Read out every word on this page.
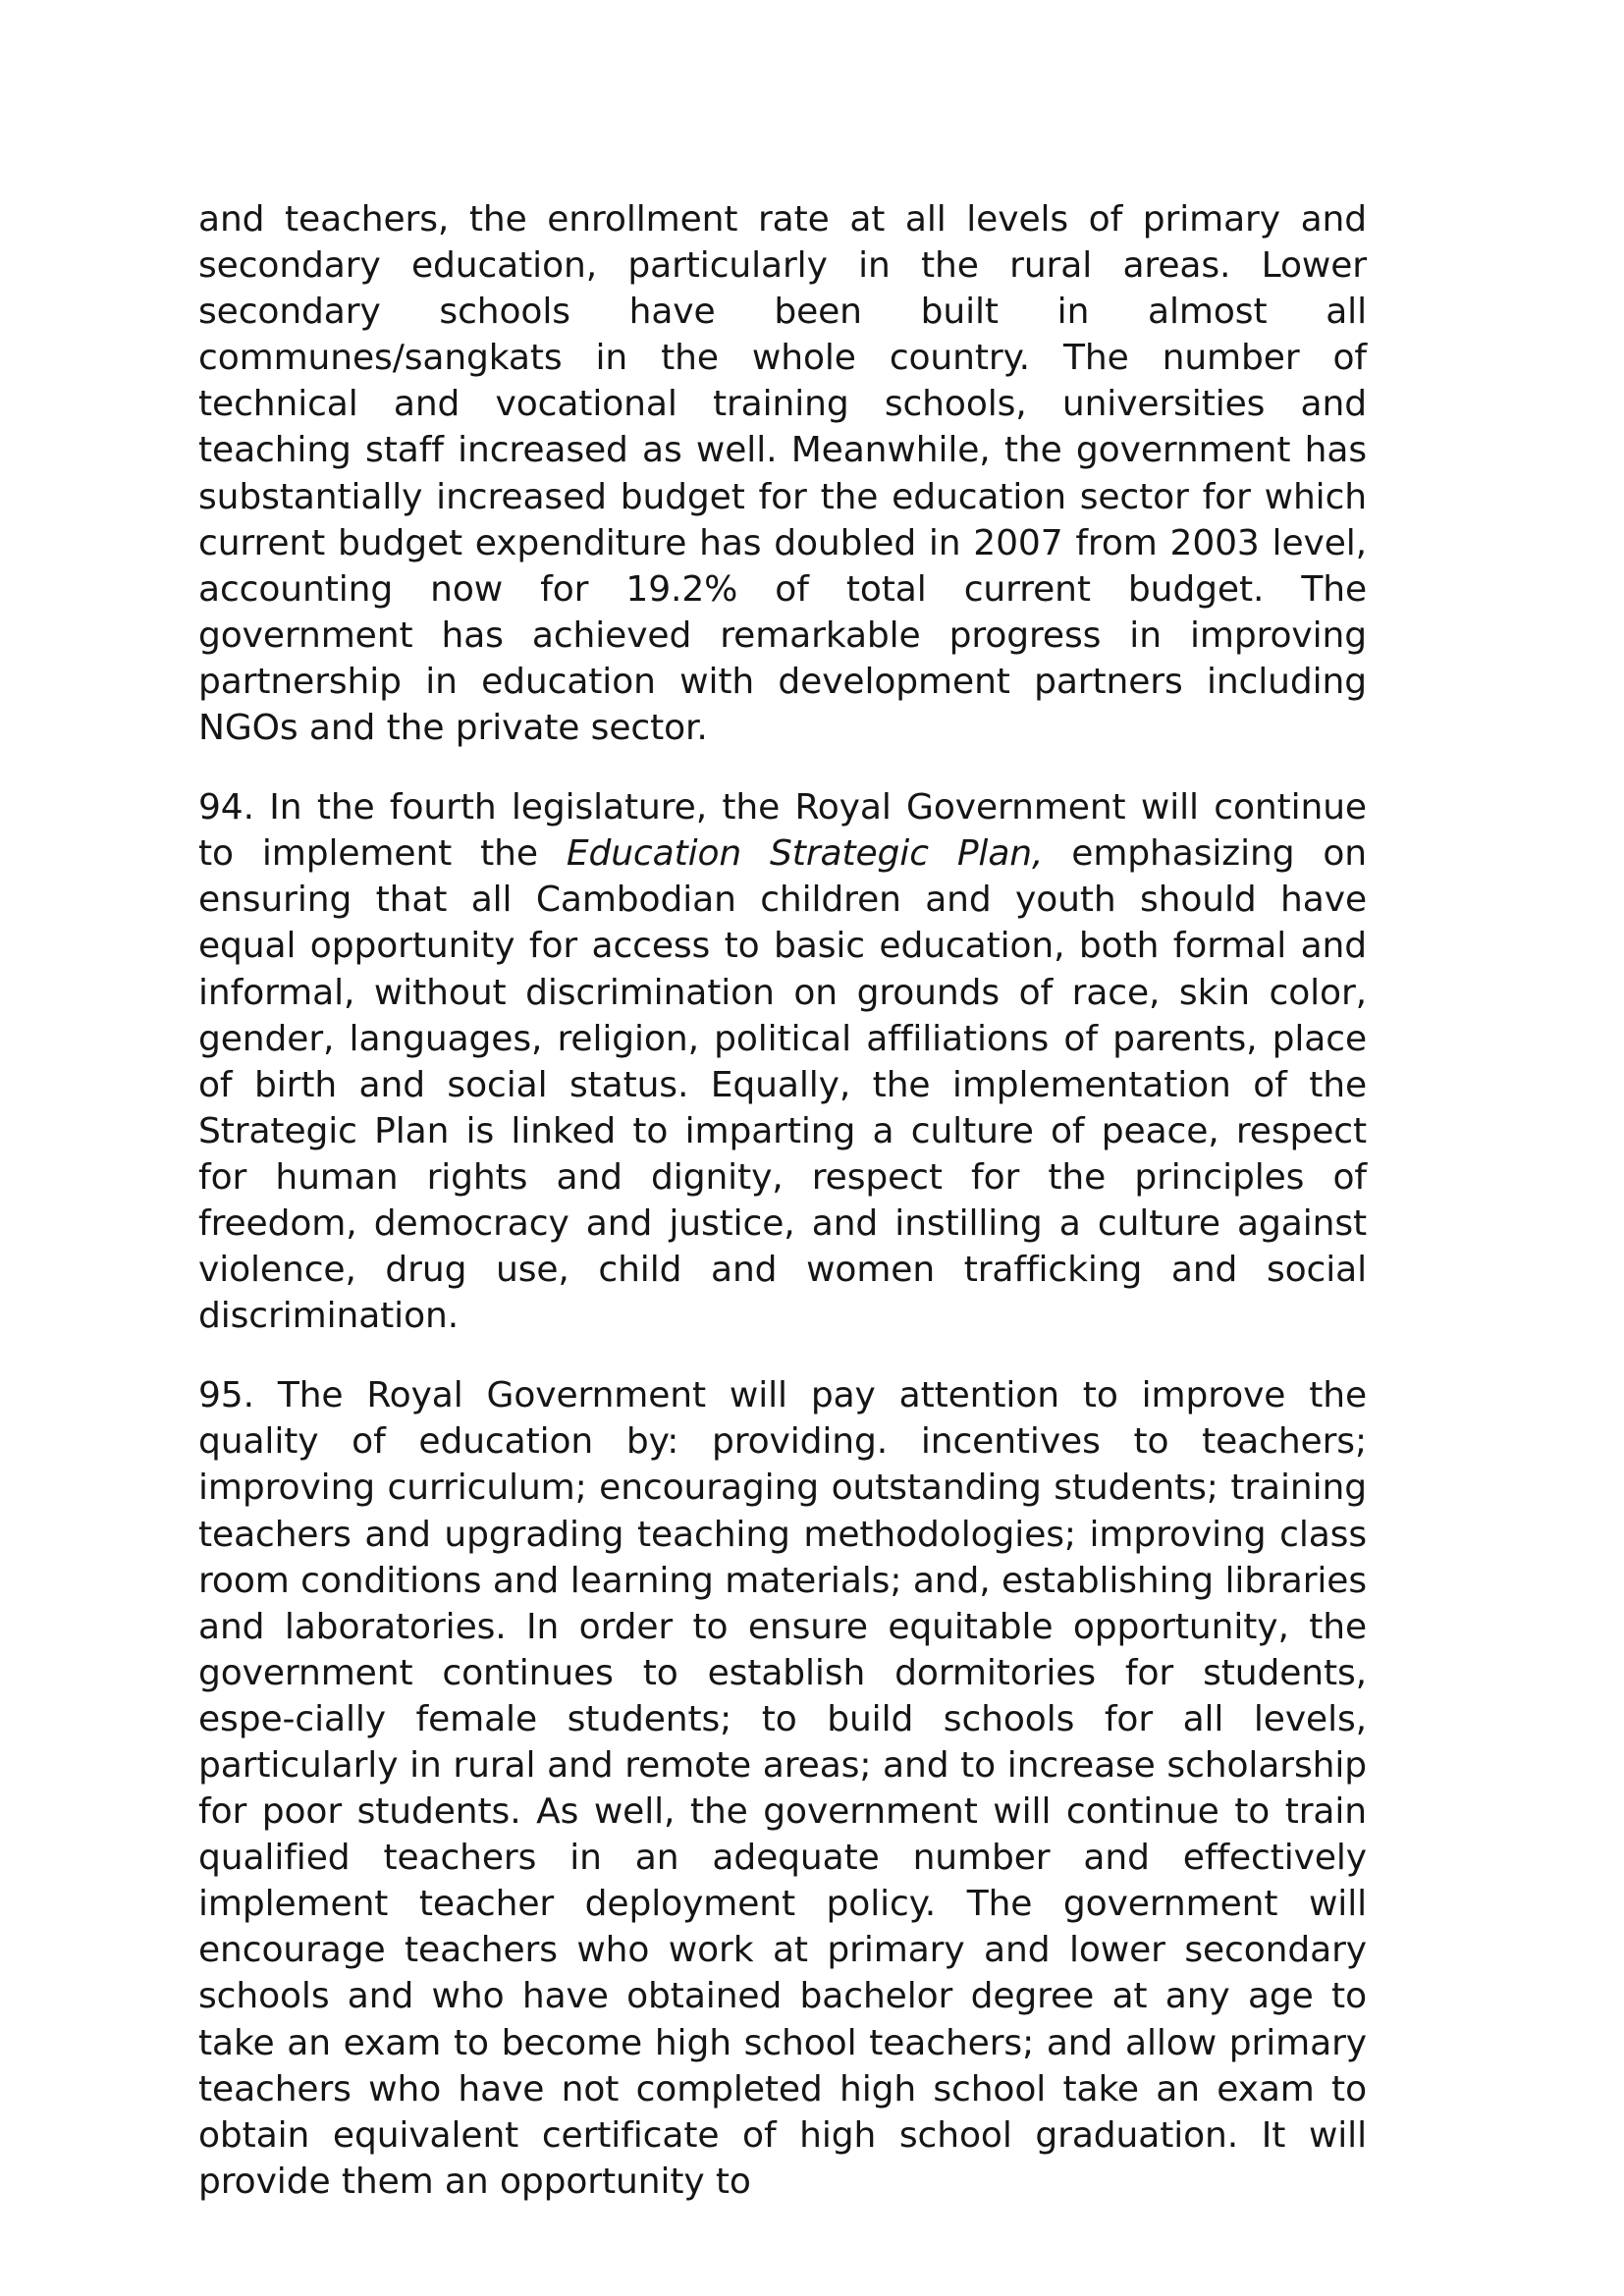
and teachers, the enrollment rate at all levels of primary and secondary education, particularly in the rural areas. Lower secondary schools have been built in almost all communes/sangkats in the whole country. The number of technical and vocational training schools, universities and teaching staff increased as well. Meanwhile, the government has substantially increased budget for the education sector for which current budget expenditure has doubled in 2007 from 2003 level, accounting now for 19.2% of total current budget. The government has achieved remarkable progress in improving partnership in education with development partners including NGOs and the private sector.

94. In the fourth legislature, the Royal Government will continue to implement the Education Strategic Plan, emphasizing on ensuring that all Cambodian children and youth should have equal opportunity for access to basic education, both formal and informal, without discrimination on grounds of race, skin color, gender, languages, religion, political affiliations of parents, place of birth and social status. Equally, the implementation of the Strategic Plan is linked to imparting a culture of peace, respect for human rights and dignity, respect for the principles of freedom, democracy and justice, and instilling a culture against violence, drug use, child and women trafficking and social discrimination.

95. The Royal Government will pay attention to improve the quality of education by: providing. incentives to teachers; improving curriculum; encouraging outstanding students; training teachers and upgrading teaching methodologies; improving class room conditions and learning materials; and, establishing libraries and laboratories. In order to ensure equitable opportunity, the government continues to establish dormitories for students, espe-cially female students; to build schools for all levels, particularly in rural and remote areas; and to increase scholarship for poor students. As well, the government will continue to train qualified teachers in an adequate number and effectively implement teacher deployment policy. The government will encourage teachers who work at primary and lower secondary schools and who have obtained bachelor degree at any age to take an exam to become high school teachers; and allow primary teachers who have not completed high school take an exam to obtain equivalent certificate of high school graduation. It will provide them an opportunity to
